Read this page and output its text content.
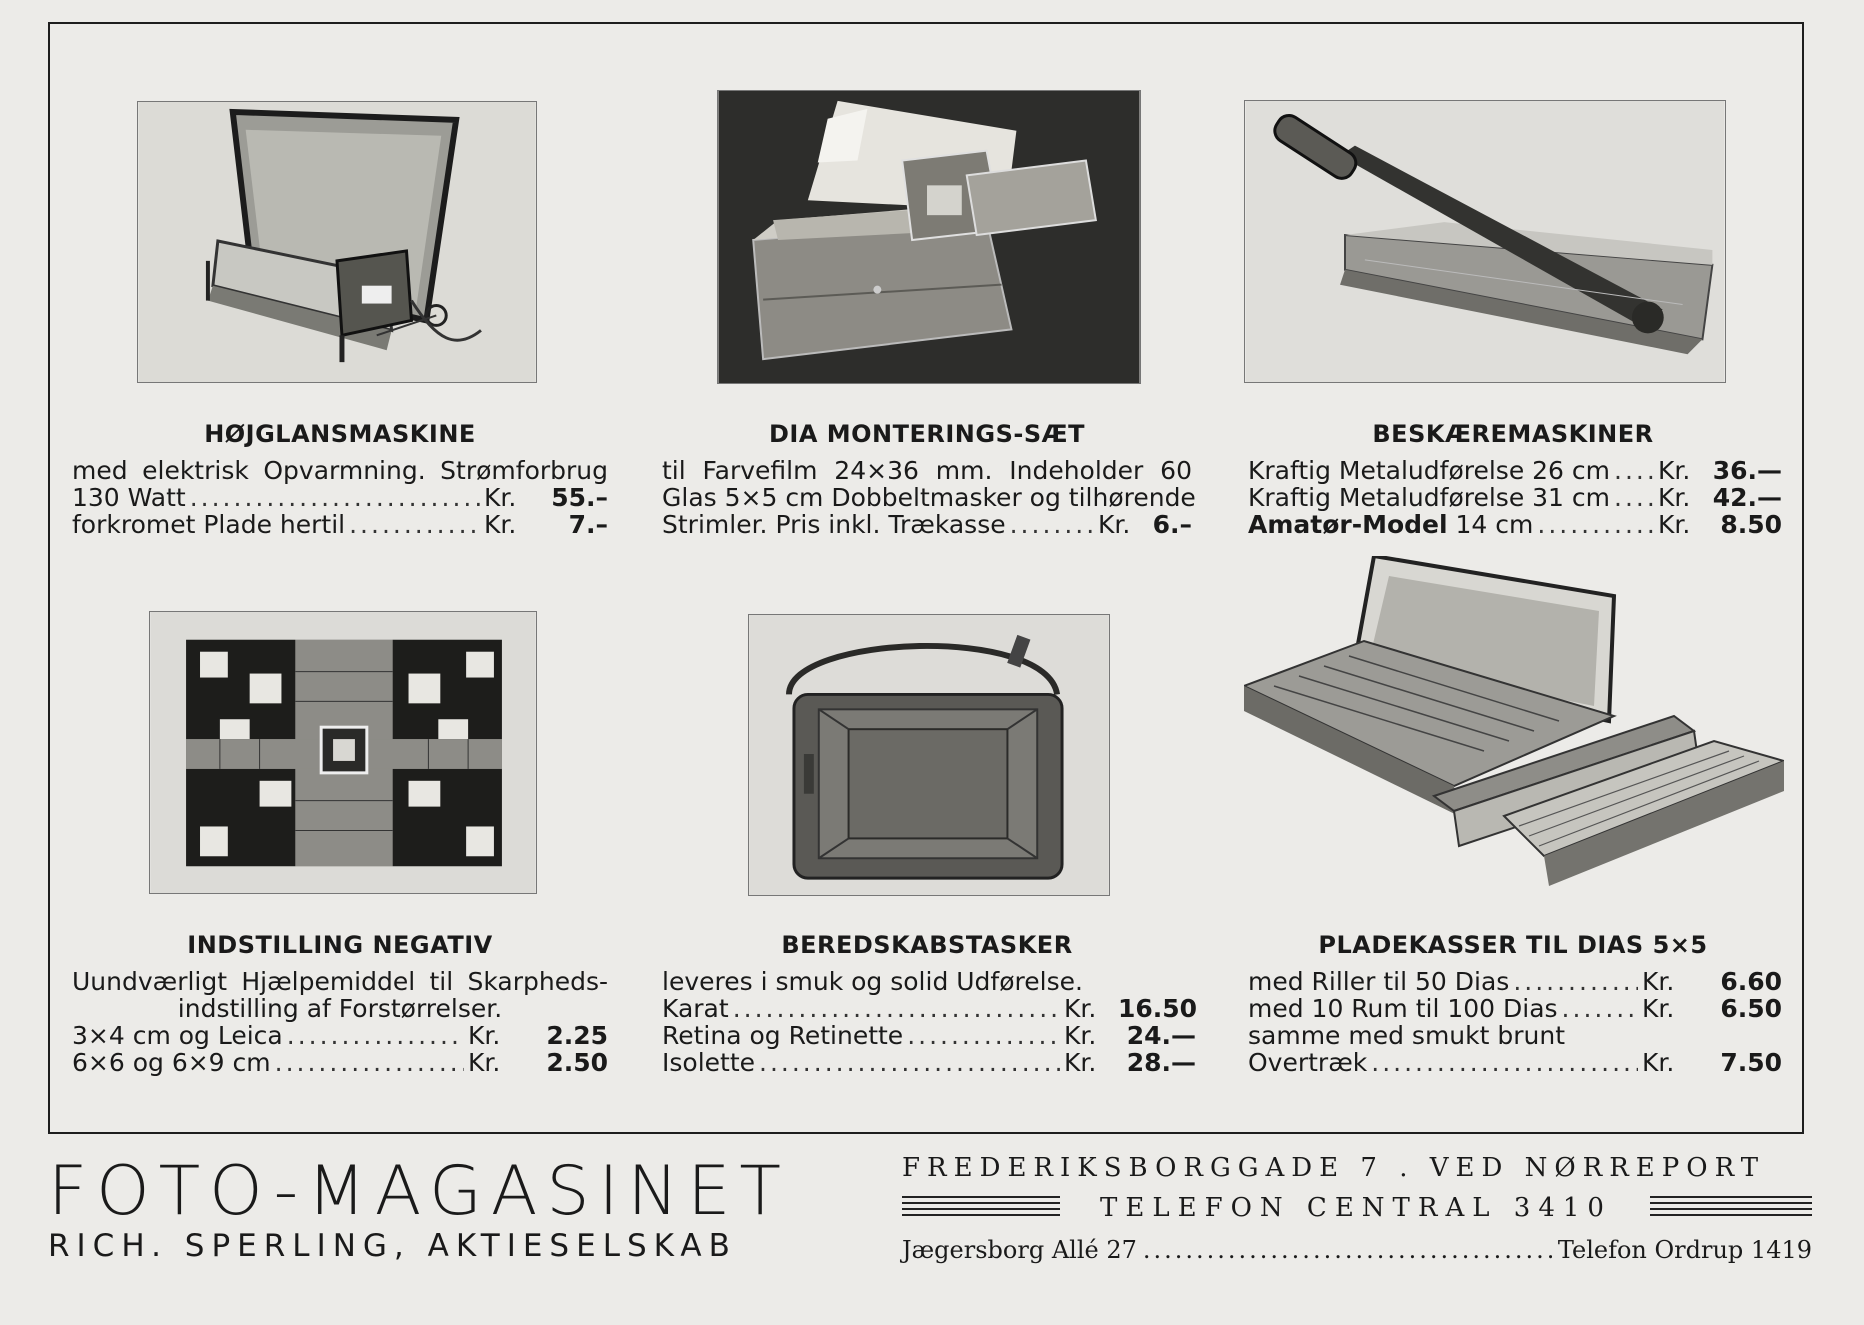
HØJGLANSMASKINE
med elektrisk Opvarmning. Strømforbrug
130 Watt .....	Kr.	55.–
forkromet Plade hertil .....	Kr.	7.–
DIA MONTERINGS-SÆT
til Farvefilm 24×36 mm. Indeholder 60
Glas 5×5 cm Dobbeltmasker og tilhørende
Strimler. Pris inkl. Trækasse .....	Kr. 6.–
BESKÆREMASKINER
Kraftig Metaludførelse 26 cm ..... Kr. 36.—
Kraftig Metaludførelse 31 cm ..... Kr. 42.—
Amatør-Model 14 cm .....	Kr.	8.50
INDSTILLING NEGATIV
Uundværligt Hjælpemiddel til Skarpheds-
indstilling af Forstørrelser.
3×4 cm og Leica .....	Kr.	2.25
6×6 og 6×9 cm .....	Kr.	2.50
BEREDSKABSTASKER
leveres i smuk og solid Udførelse.
Karat .....	Kr. 16.50
Retina og Retinette .....	Kr.	24.—
Isolette .....	Kr.	28.—
PLADEKASSER TIL DIAS 5×5
med Riller til 50 Dias .....	Kr.	6.60
med 10 Rum til 100 Dias .....	Kr.	6.50
samme med smukt brunt
Overtræk .....	Kr.	7.50
FOTO-MAGASINET
RICH. SPERLING, AKTIESELSKAB
FREDERIKSBORGGADE 7 . VED NØRREPORT
TELEFON CENTRAL 3410
Jægersborg Allé 27 .....	Telefon Ordrup 1419
